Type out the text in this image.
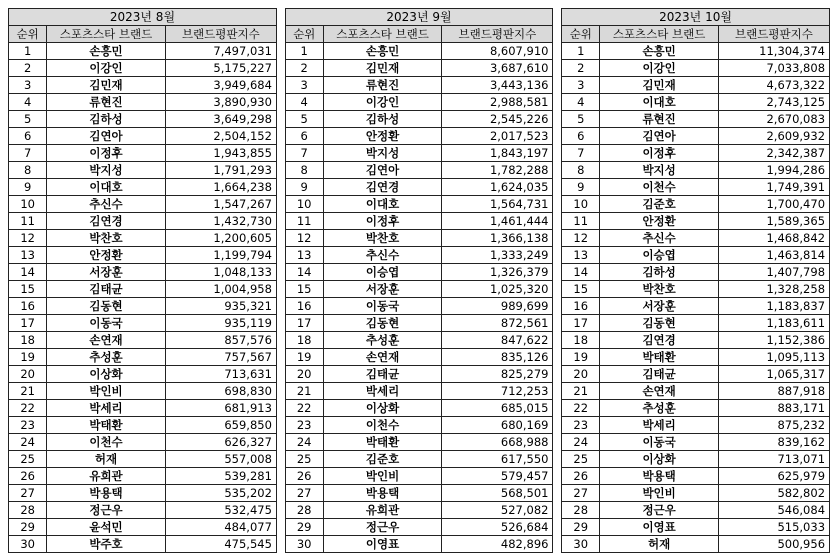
2023년 8월		
순위	스포츠스타 브랜드	브랜드평판지수
1	손흥민	7,497,031
2	이강인	5,175,227
3	김민재	3,949,684
4	류현진	3,890,930
5	김하성	3,649,298
6	김연아	2,504,152
7	이정후	1,943,855
8	박지성	1,791,293
9	이대호	1,664,238
10	추신수	1,547,267
11	김연경	1,432,730
12	박찬호	1,200,605
13	안정환	1,199,794
14	서장훈	1,048,133
15	김태균	1,004,958
16	김동현	935,321
17	이동국	935,119
18	손연재	857,576
19	추성훈	757,567
20	이상화	713,631
21	박인비	698,830
22	박세리	681,913
23	박태환	659,850
24	이천수	626,327
25	허재	557,008
26	유희관	539,281
27	박용택	535,202
28	정근우	532,475
29	윤석민	484,077
30	박주호	475,545
2023년 9월		
순위	스포츠스타 브랜드	브랜드평판지수
1	손흥민	8,607,910
2	김민재	3,687,610
3	류현진	3,443,136
4	이강인	2,988,581
5	김하성	2,545,226
6	안정환	2,017,523
7	박지성	1,843,197
8	김연아	1,782,288
9	김연경	1,624,035
10	이대호	1,564,731
11	이정후	1,461,444
12	박찬호	1,366,138
13	추신수	1,333,249
14	이승엽	1,326,379
15	서장훈	1,025,320
16	이동국	989,699
17	김동현	872,561
18	추성훈	847,622
19	손연재	835,126
20	김태균	825,279
21	박세리	712,253
22	이상화	685,015
23	이천수	680,169
24	박태환	668,988
25	김준호	617,550
26	박인비	579,457
27	박용택	568,501
28	유희관	527,082
29	정근우	526,684
30	이영표	482,896
2023년 10월		
순위	스포츠스타 브랜드	브랜드평판지수
1	손흥민	11,304,374
2	이강인	7,033,808
3	김민재	4,673,322
4	이대호	2,743,125
5	류현진	2,670,083
6	김연아	2,609,932
7	이정후	2,342,387
8	박지성	1,994,286
9	이천수	1,749,391
10	김준호	1,700,470
11	안정환	1,589,365
12	추신수	1,468,842
13	이승엽	1,463,814
14	김하성	1,407,798
15	박찬호	1,328,258
16	서장훈	1,183,837
17	김동현	1,183,611
18	김연경	1,152,386
19	박태환	1,095,113
20	김태균	1,065,317
21	손연재	887,918
22	추성훈	883,171
23	박세리	875,232
24	이동국	839,162
25	이상화	713,071
26	박용택	625,979
27	박인비	582,802
28	정근우	546,084
29	이영표	515,033
30	허재	500,956
